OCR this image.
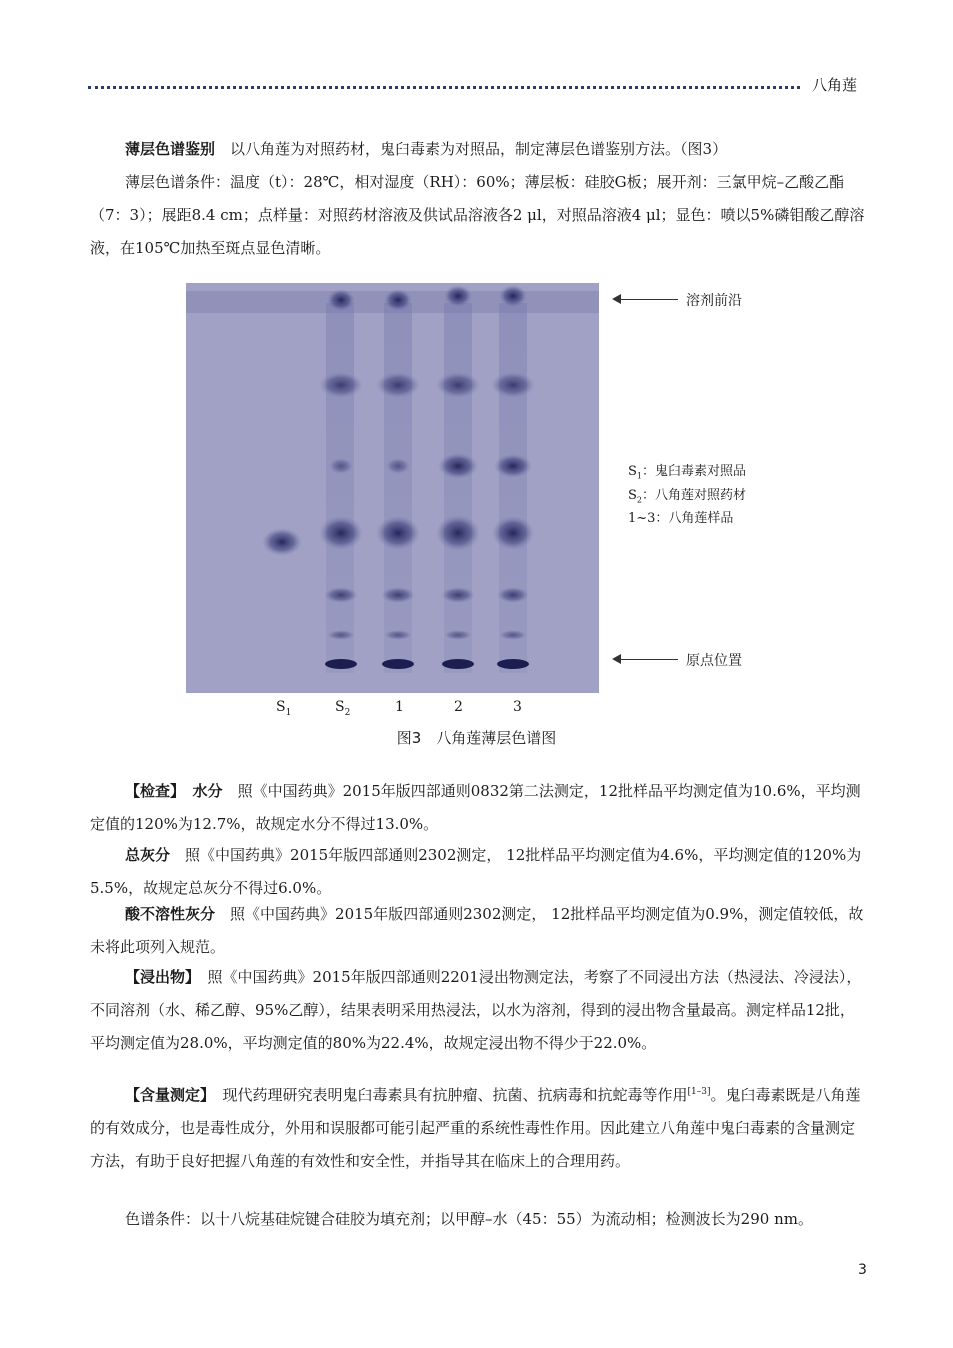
八角莲

薄层色谱鉴别　 以八角莲为对照药材，鬼臼毒素为对照品，制定薄层色谱鉴别方法。（图3）

薄层色谱条件：温度（t）：28℃，相对湿度（RH）：60%；薄层板：硅胶G板；展开剂：三氯甲烷–乙酸乙酯（7：3）；展距8.4 cm；点样量：对照药材溶液及供试品溶液各2 μl，对照品溶液4 μl；显色：喷以5%磷钼酸乙醇溶液，在105℃加热至斑点显色清晰。

溶剂前沿
原点位置
$S_1$：鬼臼毒素对照品
$S_2$：八角莲对照药材
1~3：八角莲样品
$S_1$	$S_2$	1	2	3
图3　八角莲薄层色谱图

【检查】　 水分　 照《中国药典》2015年版四部通则0832第二法测定，12批样品平均测定值为10.6%，平均测定值的120%为12.7%，故规定水分不得过13.0%。

总灰分　 照《中国药典》2015年版四部通则2302测定， 12批样品平均测定值为4.6%，平均测定值的120%为5.5%，故规定总灰分不得过6.0%。

酸不溶性灰分　 照《中国药典》2015年版四部通则2302测定， 12批样品平均测定值为0.9%，测定值较低，故未将此项列入规范。

【浸出物】　 照《中国药典》2015年版四部通则2201浸出物测定法，考察了不同浸出方法（热浸法、冷浸法），不同溶剂（水、稀乙醇、95%乙醇），结果表明采用热浸法，以水为溶剂，得到的浸出物含量最高。测定样品12批，平均测定值为28.0%，平均测定值的80%为22.4%，故规定浸出物不得少于22.0%。

【含量测定】　 现代药理研究表明鬼臼毒素具有抗肿瘤、抗菌、抗病毒和抗蛇毒等作用[1–3]。鬼臼毒素既是八角莲的有效成分，也是毒性成分，外用和误服都可能引起严重的系统性毒性作用。因此建立八角莲中鬼臼毒素的含量测定方法，有助于良好把握八角莲的有效性和安全性，并指导其在临床上的合理用药。

色谱条件：以十八烷基硅烷键合硅胶为填充剂；以甲醇–水（45：55）为流动相；检测波长为290 nm。

3
